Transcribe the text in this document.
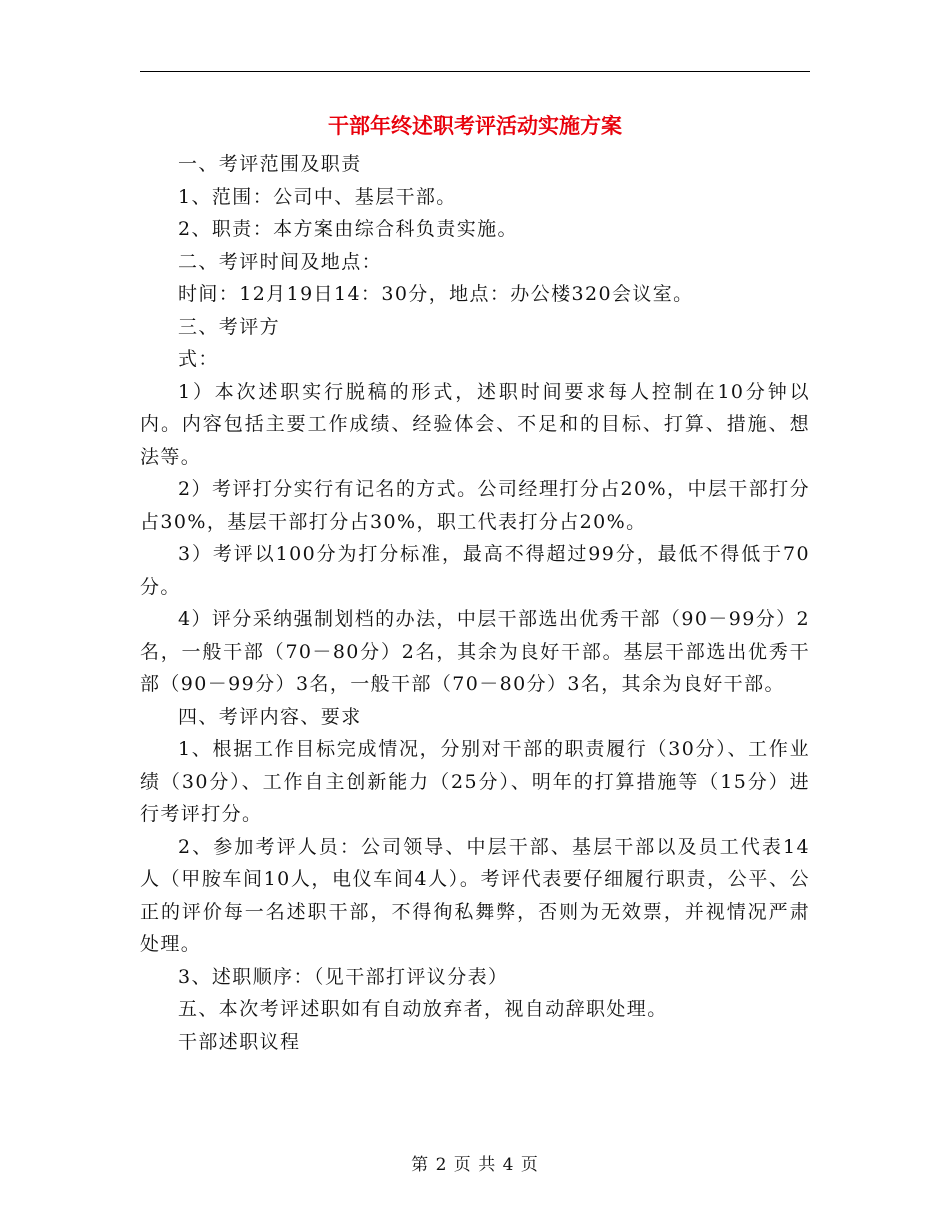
干部年终述职考评活动实施方案

一、考评范围及职责

1、范围：公司中、基层干部。

2、职责：本方案由综合科负责实施。

二、考评时间及地点：

时间：12月19日14：30分，地点：办公楼320会议室。

三、考评方

式：

1）本次述职实行脱稿的形式，述职时间要求每人控制在10分钟以内。内容包括主要工作成绩、经验体会、不足和的目标、打算、措施、想法等。

2）考评打分实行有记名的方式。公司经理打分占20%，中层干部打分占30%，基层干部打分占30%，职工代表打分占20%。

3）考评以100分为打分标准，最高不得超过99分，最低不得低于70分。

4）评分采纳强制划档的办法，中层干部选出优秀干部（90－99分）2名，一般干部（70－80分）2名，其余为良好干部。基层干部选出优秀干部（90－99分）3名，一般干部（70－80分）3名，其余为良好干部。

四、考评内容、要求

1、根据工作目标完成情况，分别对干部的职责履行（30分）、工作业绩（30分）、工作自主创新能力（25分）、明年的打算措施等（15分）进行考评打分。

2、参加考评人员：公司领导、中层干部、基层干部以及员工代表14人（甲胺车间10人，电仪车间4人）。考评代表要仔细履行职责，公平、公正的评价每一名述职干部，不得徇私舞弊，否则为无效票，并视情况严肃处理。

3、述职顺序：（见干部打评议分表）

五、本次考评述职如有自动放弃者，视自动辞职处理。

干部述职议程

第 2 页 共 4 页
